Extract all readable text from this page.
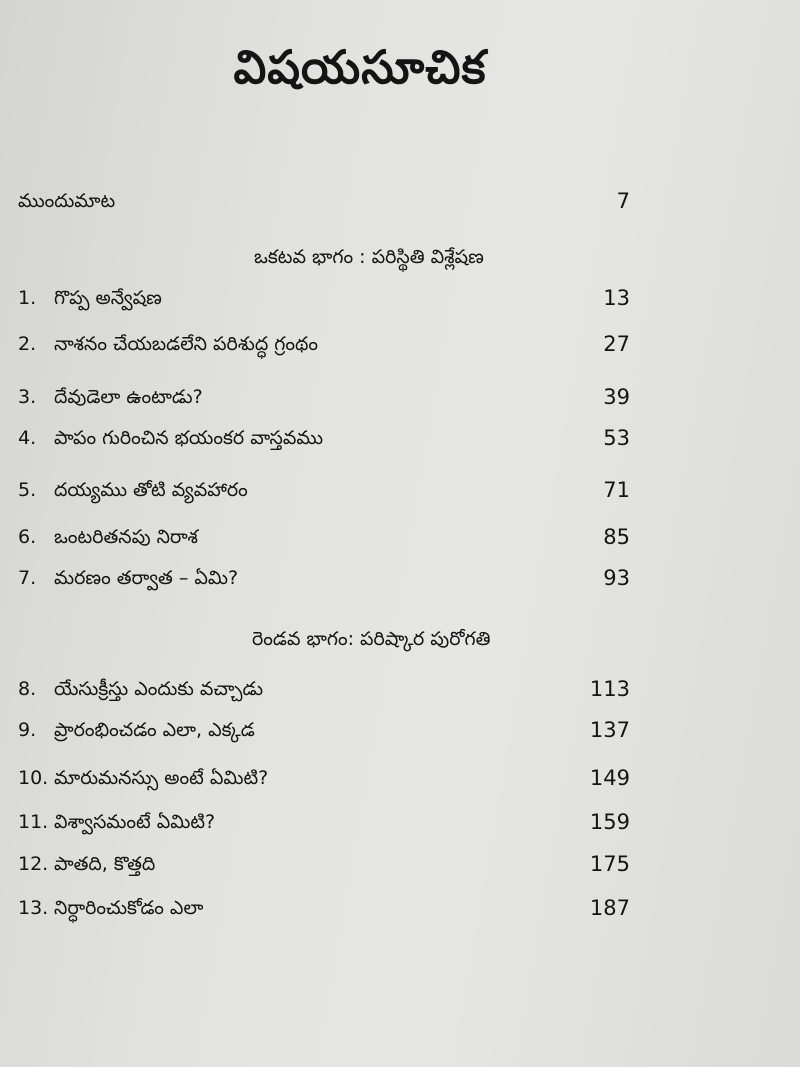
విషయసూచిక
ముందుమాట	7
ఒకటవ భాగం : పరిస్థితి విశ్లేషణ
1. గొప్ప అన్వేషణ	13
2. నాశనం చేయబడలేని పరిశుద్ధ గ్రంథం	27
3. దేవుడెలా ఉంటాడు?	39
4. పాపం గురించిన భయంకర వాస్తవము	53
5. దయ్యము తోటి వ్యవహారం	71
6. ఒంటరితనపు నిరాశ	85
7. మరణం తర్వాత – ఏమి?	93
రెండవ భాగం: పరిష్కార పురోగతి
8. యేసుక్రీస్తు ఎందుకు వచ్చాడు	113
9. ప్రారంభించడం ఎలా, ఎక్కడ	137
10. మారుమనస్సు అంటే ఏమిటి?	149
11. విశ్వాసమంటే ఏమిటి?	159
12. పాతది, కొత్తది	175
13. నిర్ధారించుకోడం ఎలా	187
